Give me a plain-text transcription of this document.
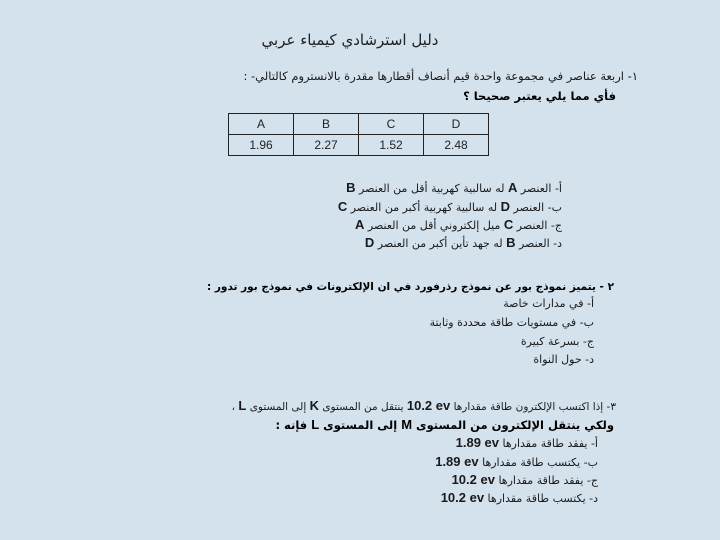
دليل استرشادي كيمياء عربي
١- اربعة عناصر في مجموعة واحدة قيم أنصاف أقطارها مقدرة بالانستروم كالتالي- :
فأي مما يلي يعتبر صحيحا ؟
A	B	C	D
1.96	2.27	1.52	2.48
أ- العنصر A له سالبية كهربية أقل من العنصر B
ب- العنصر D له سالبية كهربية أكبر من العنصر C
ج- العنصر C ميل إلكتروني أقل من العنصر A
د- العنصر B له جهد تأين أكبر من العنصر D
٢ - يتميز نموذج بور عن نموذج رذرفورد في ان الإلكترونات في نموذج بور تدور :
أ- في مدارات خاصة
ب- في مستويات طاقة محددة وثابتة
ج- بسرعة كبيرة
د- حول النواة
٣- إذا اكتسب الإلكترون طاقة مقدارها 10.2 ev ينتقل من المستوى K إلى المستوى L ،
ولكي ينتقل الإلكترون من المستوى M إلى المستوى L فإنه :
أ- يفقد طاقة مقدارها 1.89 ev
ب- يكتسب طاقة مقدارها 1.89 ev
ج- يفقد طاقة مقدارها 10.2 ev
د- يكتسب طاقة مقدارها 10.2 ev
